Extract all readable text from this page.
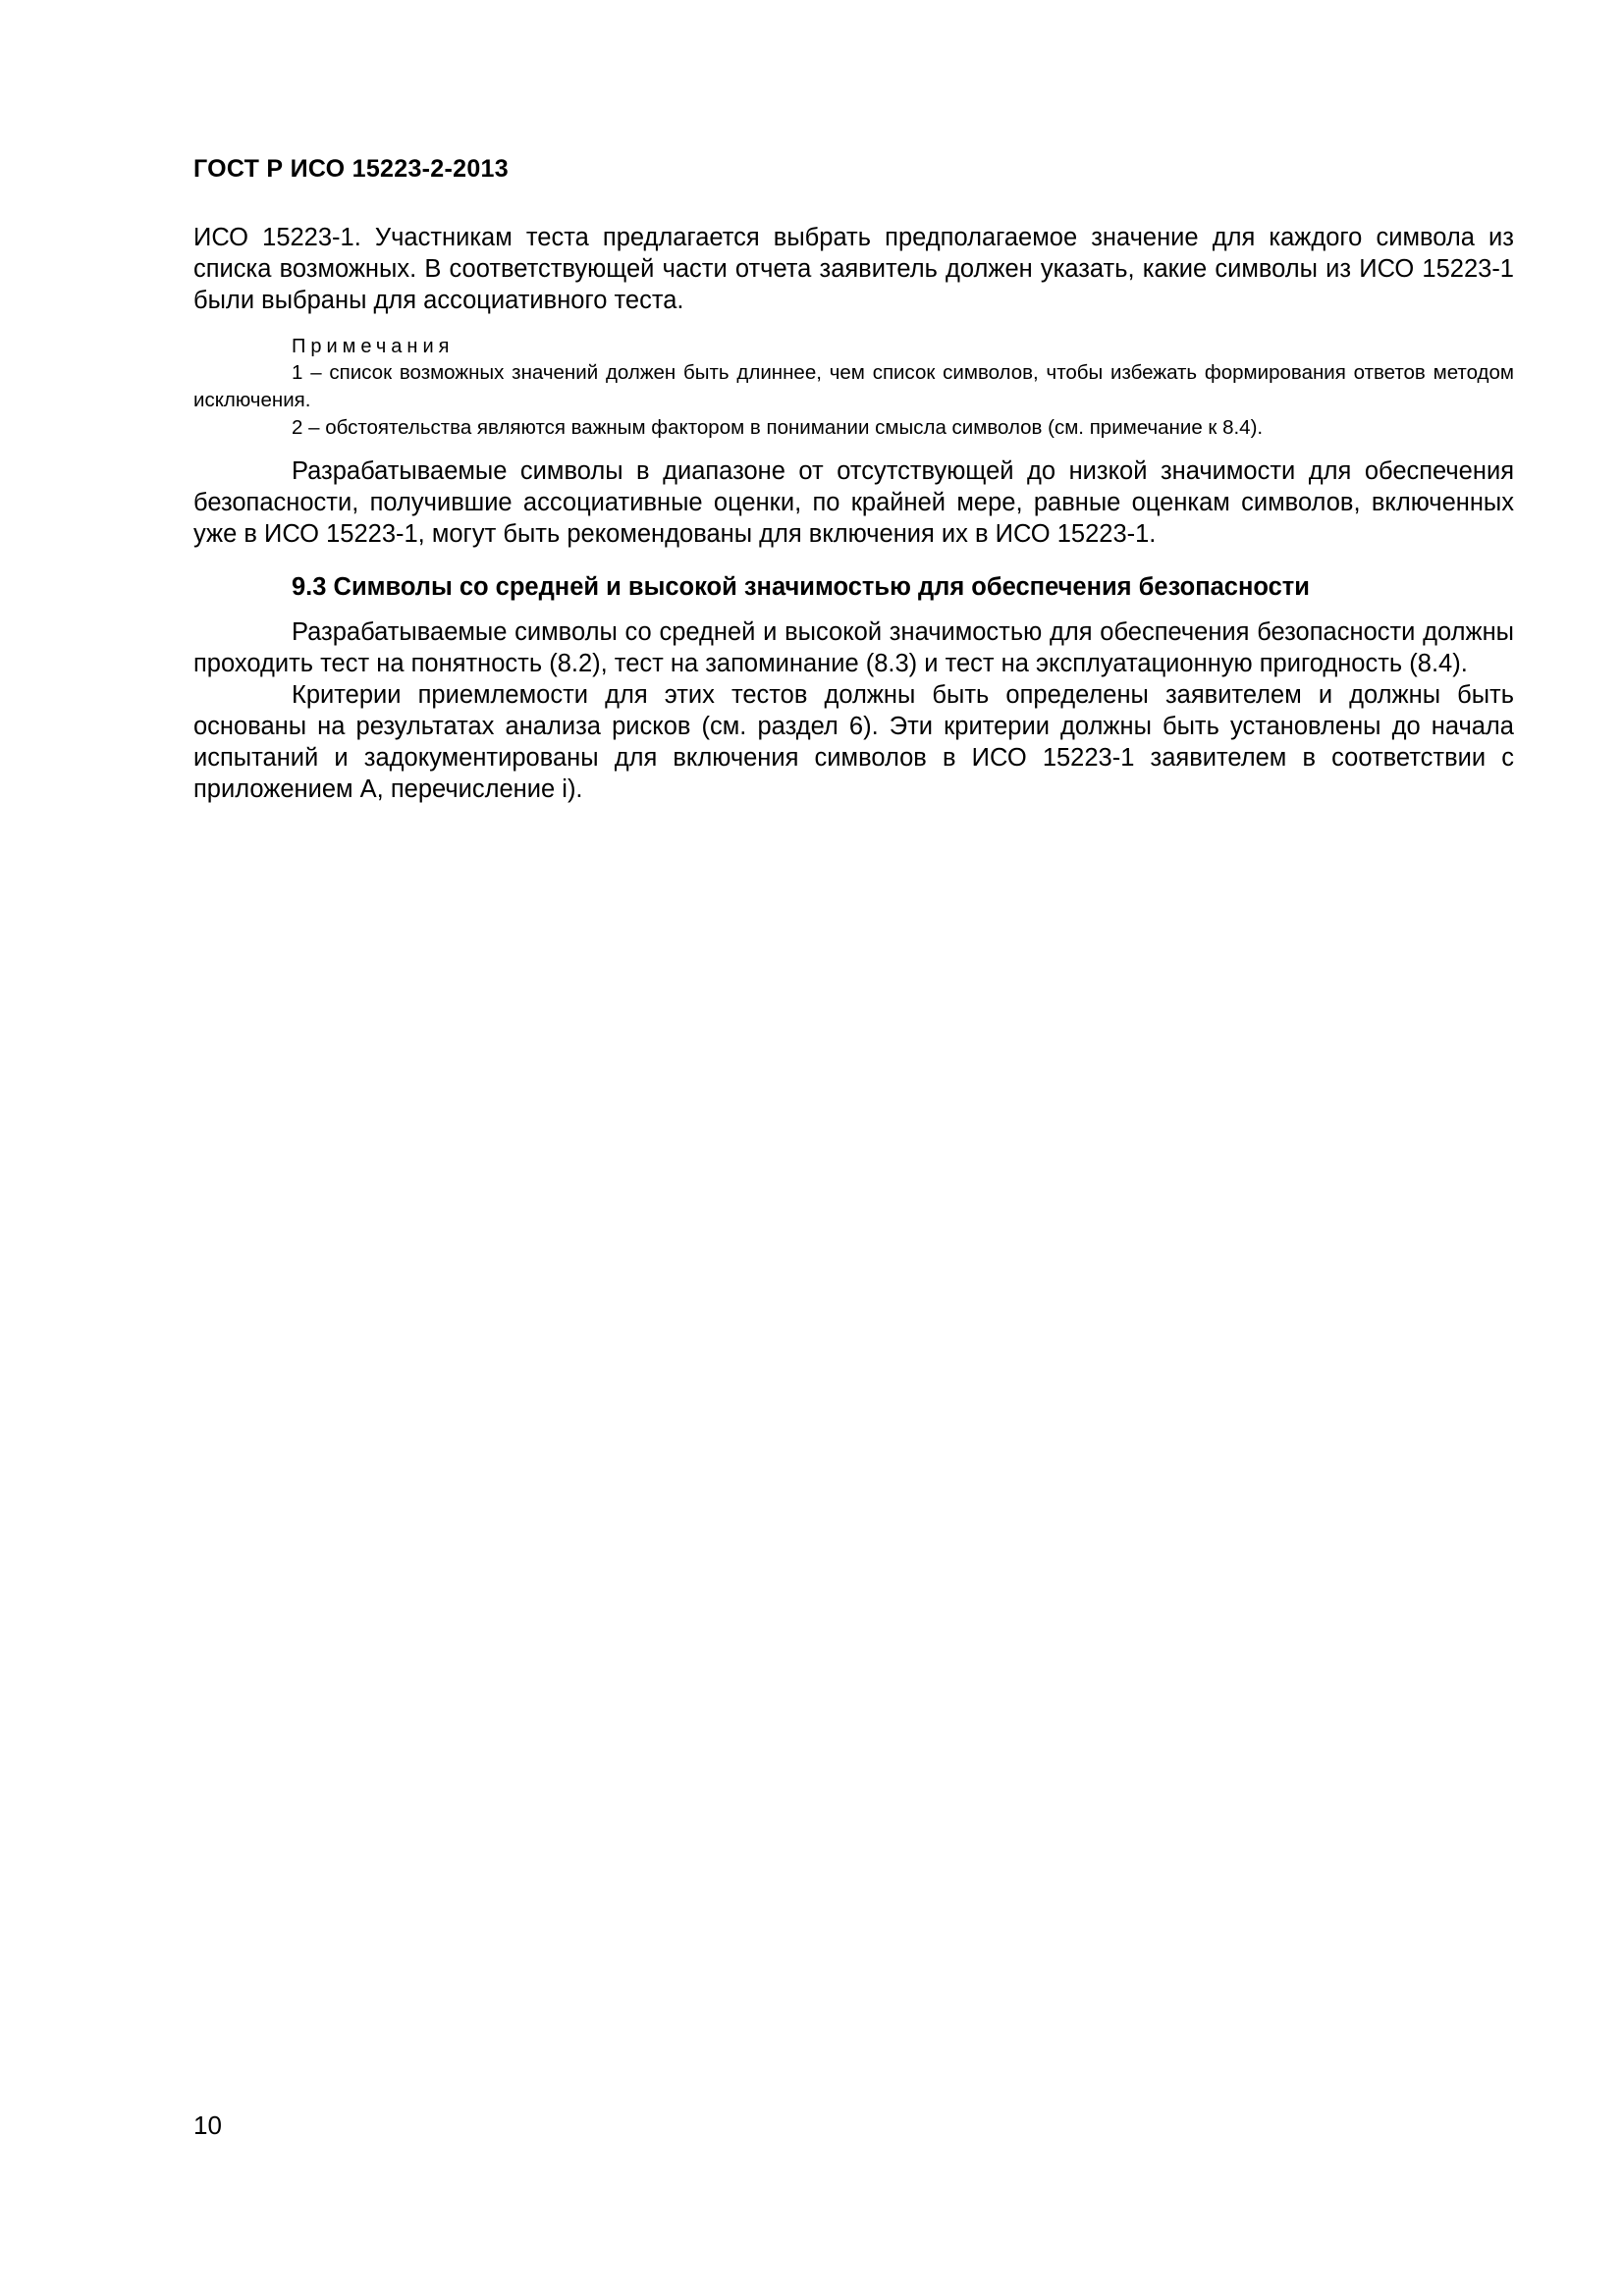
ГОСТ Р ИСО 15223-2-2013

ИСО 15223-1. Участникам теста предлагается выбрать предполагаемое значение для каждого символа из списка возможных. В соответствующей части отчета заявитель должен указать, какие символы из ИСО 15223-1 были выбраны для ассоциативного теста.

Примечания

1 – список возможных значений должен быть длиннее, чем список символов, чтобы избежать формирования ответов методом исключения.

2 – обстоятельства являются важным фактором в понимании смысла символов (см. примечание к 8.4).

Разрабатываемые символы в диапазоне от отсутствующей до низкой значимости для обеспечения безопасности, получившие ассоциативные оценки, по крайней мере, равные оценкам символов, включенных уже в ИСО 15223-1, могут быть рекомендованы для включения их в ИСО 15223-1.

9.3 Символы со средней и высокой значимостью для обеспечения безопасности

Разрабатываемые символы со средней и высокой значимостью для обеспечения безопасности должны проходить тест на понятность (8.2), тест на запоминание (8.3) и тест на эксплуатационную пригодность (8.4).

Критерии приемлемости для этих тестов должны быть определены заявителем и должны быть основаны на результатах анализа рисков (см. раздел 6). Эти критерии должны быть установлены до начала испытаний и задокументированы для включения символов в ИСО 15223-1 заявителем в соответствии с приложением А, перечисление i).

10
